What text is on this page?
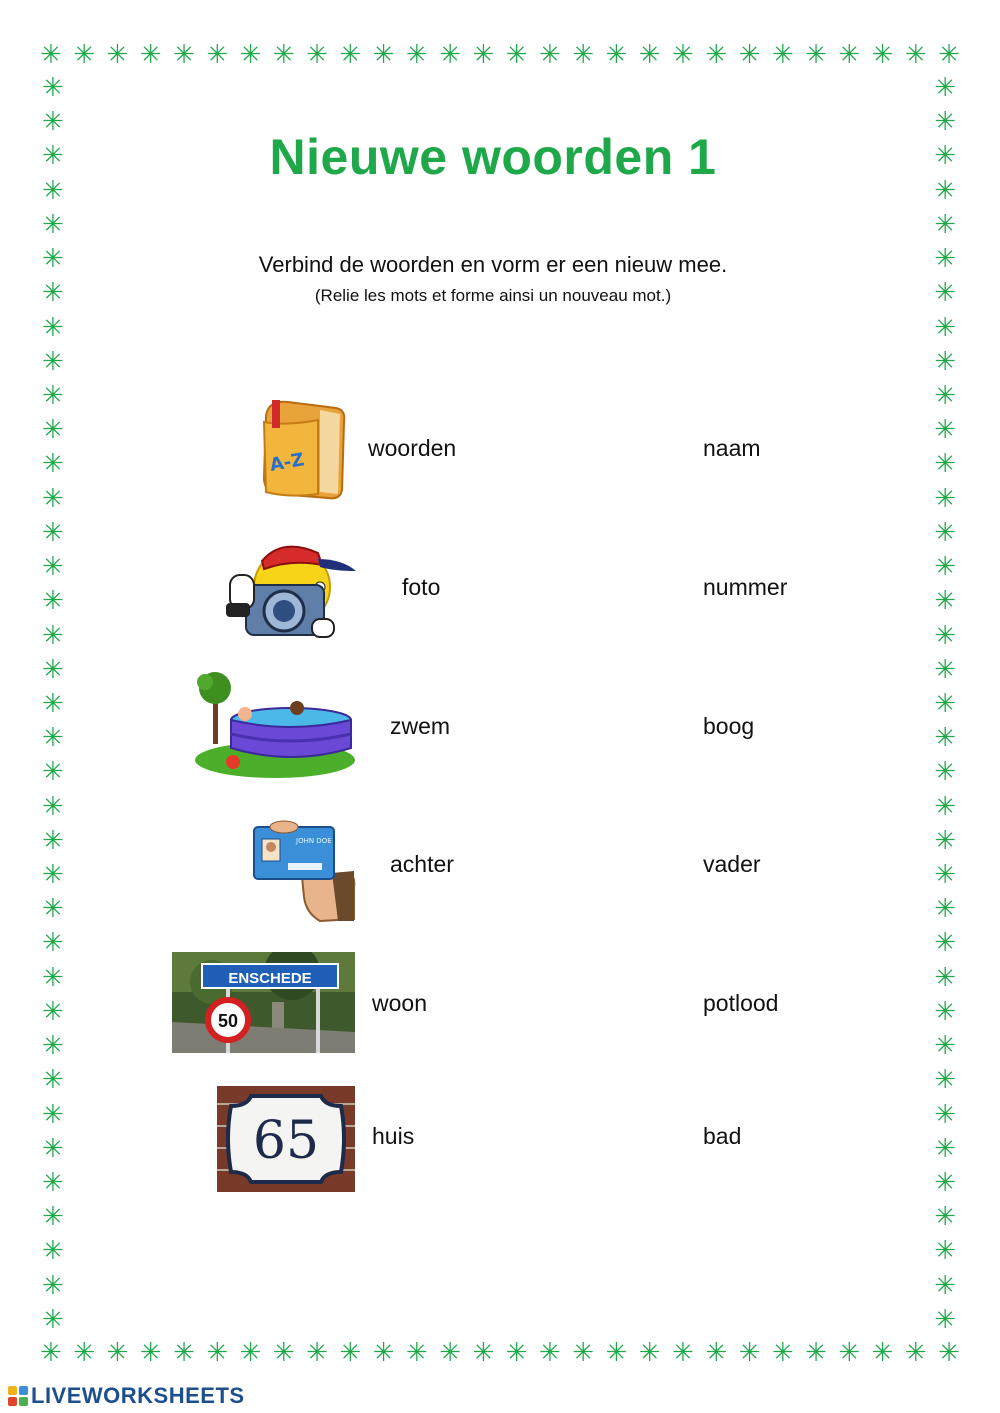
✳ ✳ ✳ ✳ ✳ ✳ ✳ ✳ ✳ ✳ ✳ ✳ ✳ ✳ ✳ ✳ ✳ ✳ ✳ ✳ ✳ ✳ ✳ ✳ ✳ ✳ ✳ ✳
✳ ✳ ✳ ✳ ✳ ✳ ✳ ✳ ✳ ✳ ✳ ✳ ✳ ✳ ✳ ✳ ✳ ✳ ✳ ✳ ✳ ✳ ✳ ✳ ✳ ✳ ✳ ✳
✳
✳
✳
✳
✳
✳
✳
✳
✳
✳
✳
✳
✳
✳
✳
✳
✳
✳
✳
✳
✳
✳
✳
✳
✳
✳
✳
✳
✳
✳
✳
✳
✳
✳
✳
✳
✳
✳
✳
✳
✳
✳
✳
✳
✳
✳
✳
✳
✳
✳
✳
✳
✳
✳
✳
✳
✳
✳
✳
✳
✳
✳
✳
✳
✳
✳
✳
✳
✳
✳
✳
✳
✳
✳
Nieuwe woorden 1
Verbind de woorden en vorm er een nieuw mee.
(Relie les mots et forme ainsi un nouveau mot.)
A-Z
JOHN DOE
ENSCHEDE
50
65
woorden
foto
zwem
achter
woon
huis
naam
nummer
boog
vader
potlood
bad
LIVEWORKSHEETS
